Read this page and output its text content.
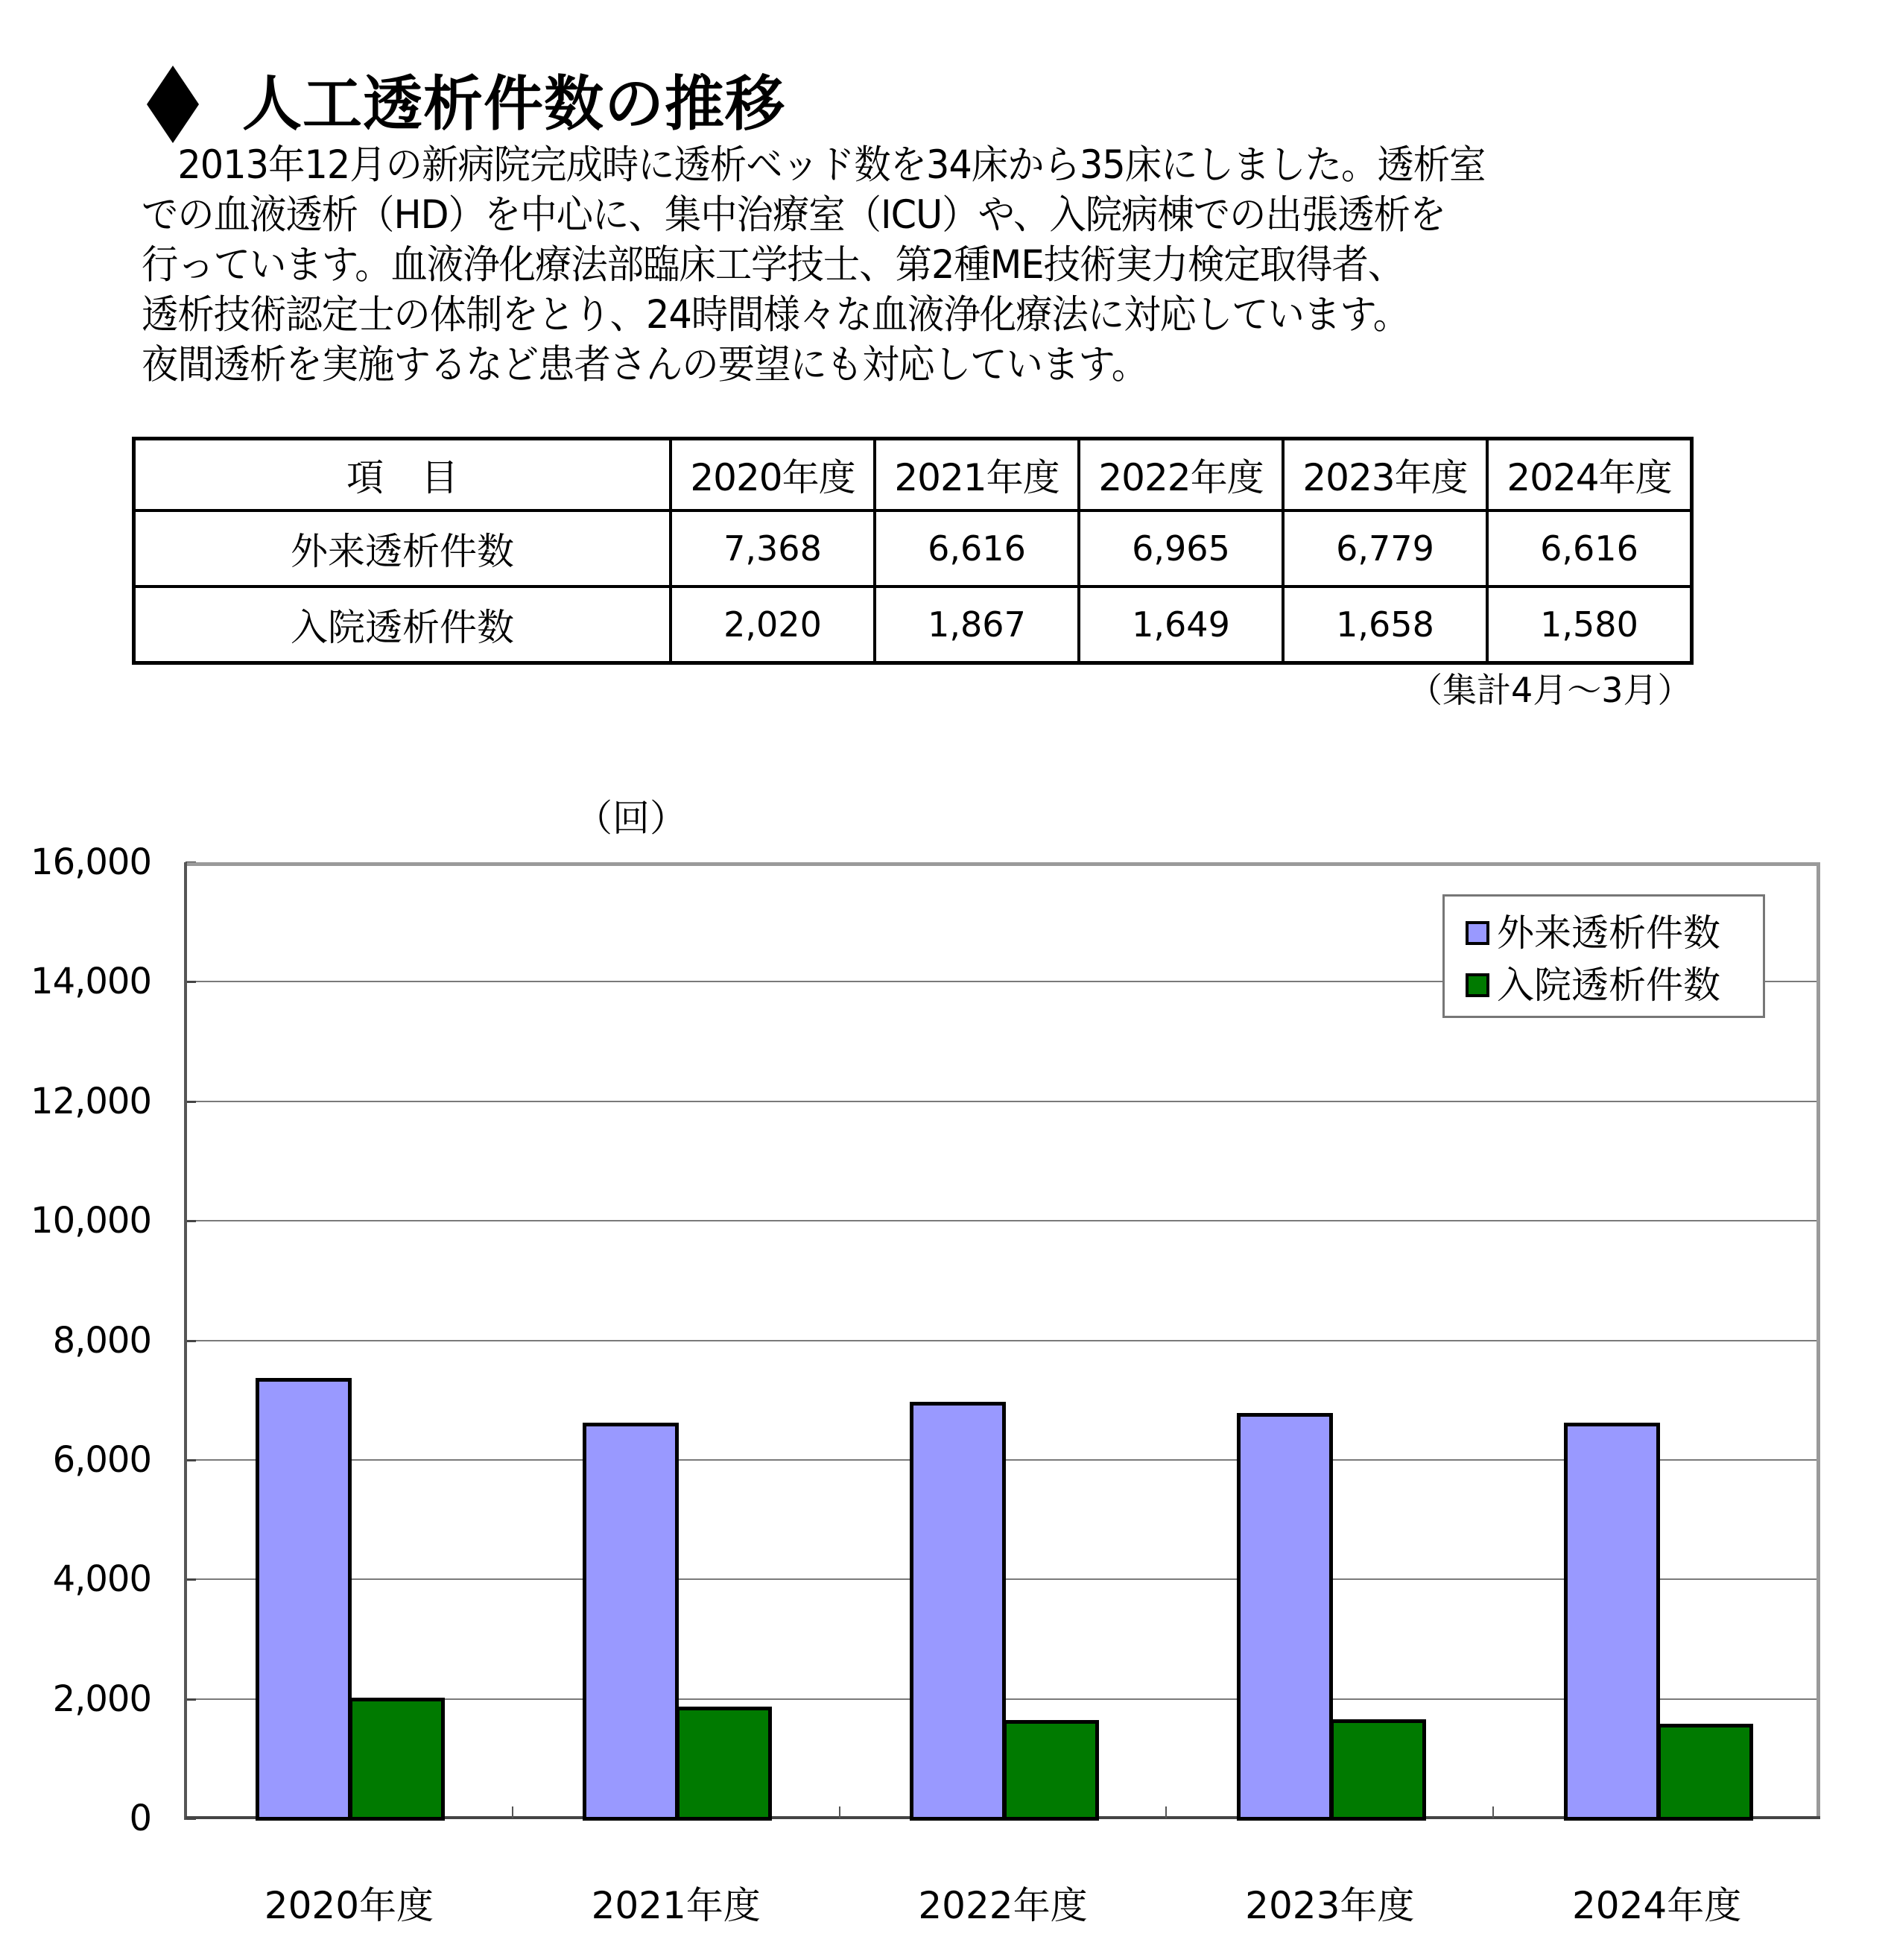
人工透析件数の推移
　2013年12月の新病院完成時に透析ベッド数を34床から35床にしました。透析室
での血液透析（HD）を中心に、集中治療室（ICU）や、入院病棟での出張透析を
行っています。血液浄化療法部臨床工学技士、第2種ME技術実力検定取得者、
透析技術認定士の体制をとり、24時間様々な血液浄化療法に対応しています。
夜間透析を実施するなど患者さんの要望にも対応しています。
項　目	2020年度	2021年度	2022年度	2023年度	2024年度
外来透析件数	7,368	6,616	6,965	6,779	6,616
入院透析件数	2,020	1,867	1,649	1,658	1,580
（集計4月～3月）
（回）
16,000
14,000
12,000
10,000
8,000
6,000
4,000
2,000
0
2020年度	2021年度	2022年度	2023年度	2024年度
外来透析件数
入院透析件数
